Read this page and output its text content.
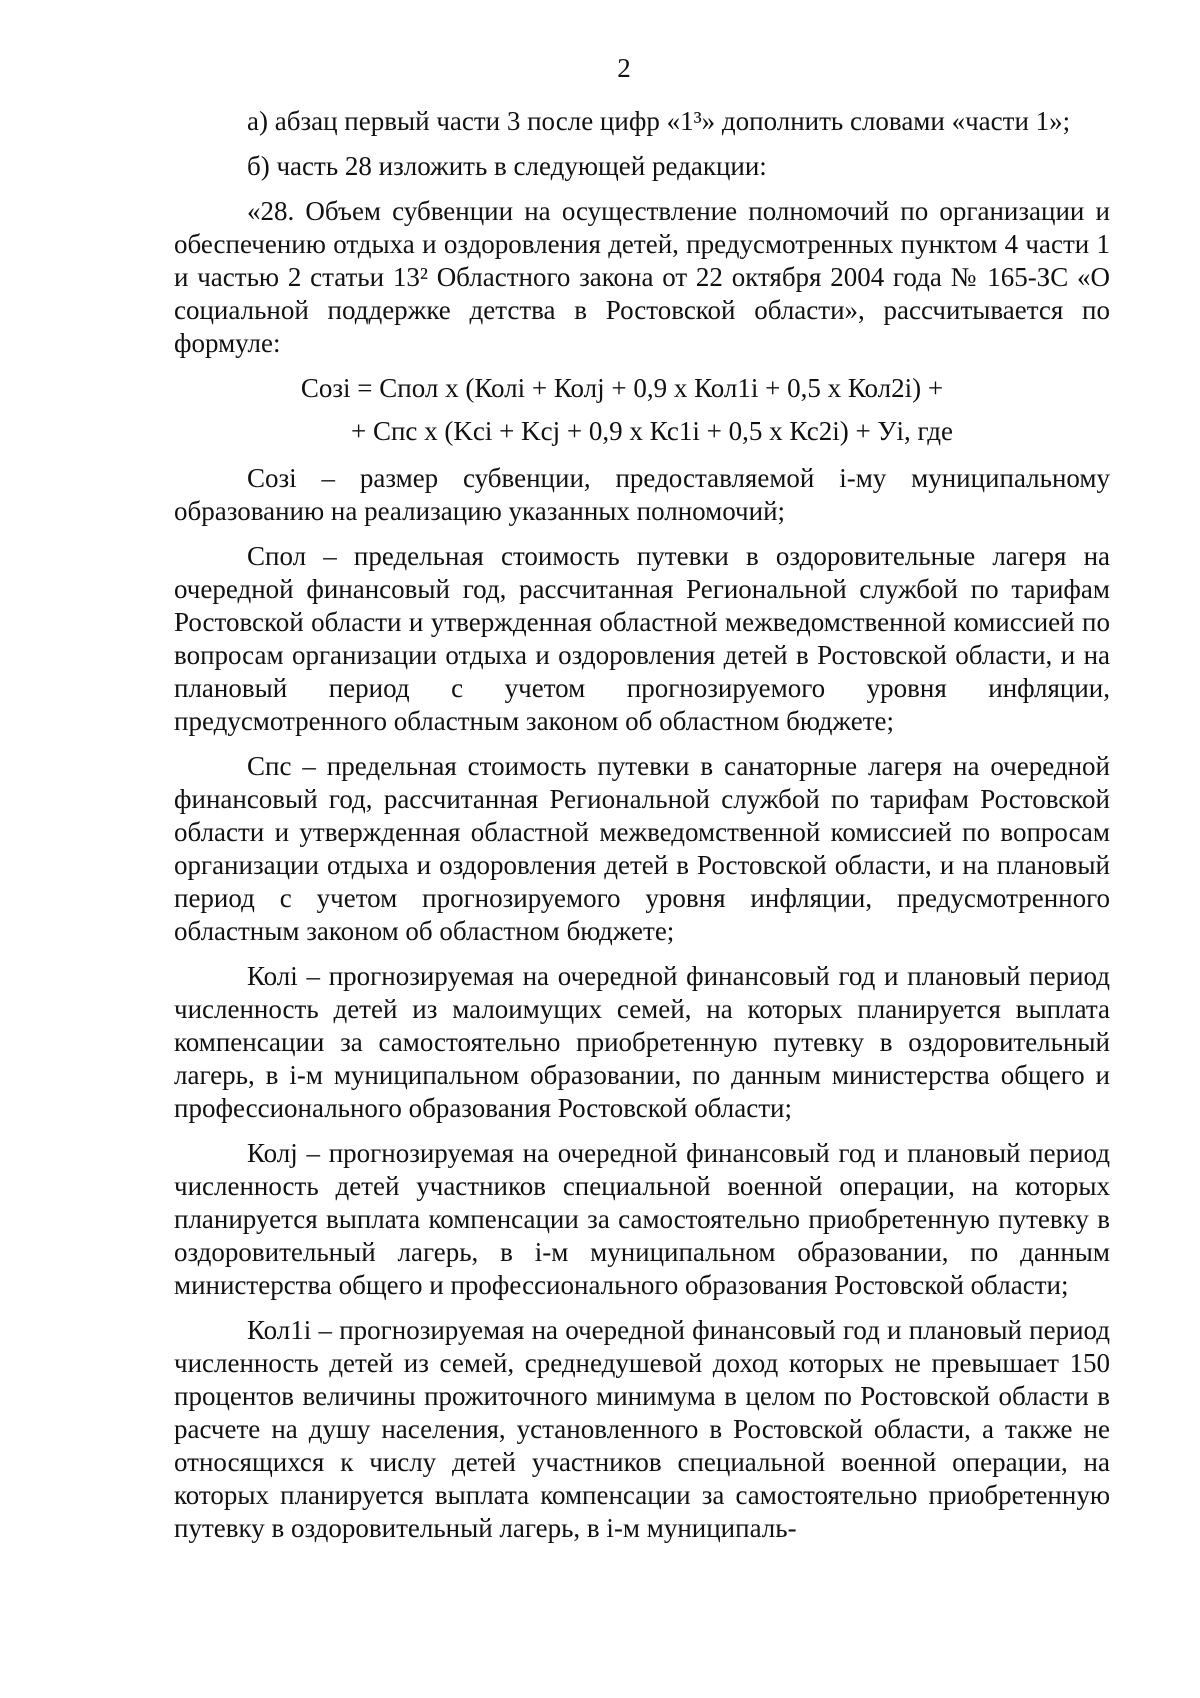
2

а) абзац первый части 3 после цифр «1³» дополнить словами «части 1»;

б) часть 28 изложить в следующей редакции:

«28. Объем субвенции на осуществление полномочий по организации и обеспечению отдыха и оздоровления детей, предусмотренных пунктом 4 части 1 и частью 2 статьи 13² Областного закона от 22 октября 2004 года № 165-ЗС «О социальной поддержке детства в Ростовской области», рассчитывается по формуле:

Созi = Спол x (Колi + Колj + 0,9 x Кол1i + 0,5 x Кол2i) +

+ Спс x (Kci + Kcj + 0,9 x Кс1i + 0,5 x Кс2i) + Уi, где

Созi – размер субвенции, предоставляемой i-му муниципальному образованию на реализацию указанных полномочий;

Спол – предельная стоимость путевки в оздоровительные лагеря на очередной финансовый год, рассчитанная Региональной службой по тарифам Ростовской области и утвержденная областной межведомственной комиссией по вопросам организации отдыха и оздоровления детей в Ростовской области, и на плановый период с учетом прогнозируемого уровня инфляции, предусмотренного областным законом об областном бюджете;

Спс – предельная стоимость путевки в санаторные лагеря на очередной финансовый год, рассчитанная Региональной службой по тарифам Ростовской области и утвержденная областной межведомственной комиссией по вопросам организации отдыха и оздоровления детей в Ростовской области, и на плановый период с учетом прогнозируемого уровня инфляции, предусмотренного областным законом об областном бюджете;

Колi – прогнозируемая на очередной финансовый год и плановый период численность детей из малоимущих семей, на которых планируется выплата компенсации за самостоятельно приобретенную путевку в оздоровительный лагерь, в i-м муниципальном образовании, по данным министерства общего и профессионального образования Ростовской области;

Колj – прогнозируемая на очередной финансовый год и плановый период численность детей участников специальной военной операции, на которых планируется выплата компенсации за самостоятельно приобретенную путевку в оздоровительный лагерь, в i-м муниципальном образовании, по данным министерства общего и профессионального образования Ростовской области;

Кол1i – прогнозируемая на очередной финансовый год и плановый период численность детей из семей, среднедушевой доход которых не превышает 150 процентов величины прожиточного минимума в целом по Ростовской области в расчете на душу населения, установленного в Ростовской области, а также не относящихся к числу детей участников специальной военной операции, на которых планируется выплата компенсации за самостоятельно приобретенную путевку в оздоровительный лагерь, в i-м муниципаль-
